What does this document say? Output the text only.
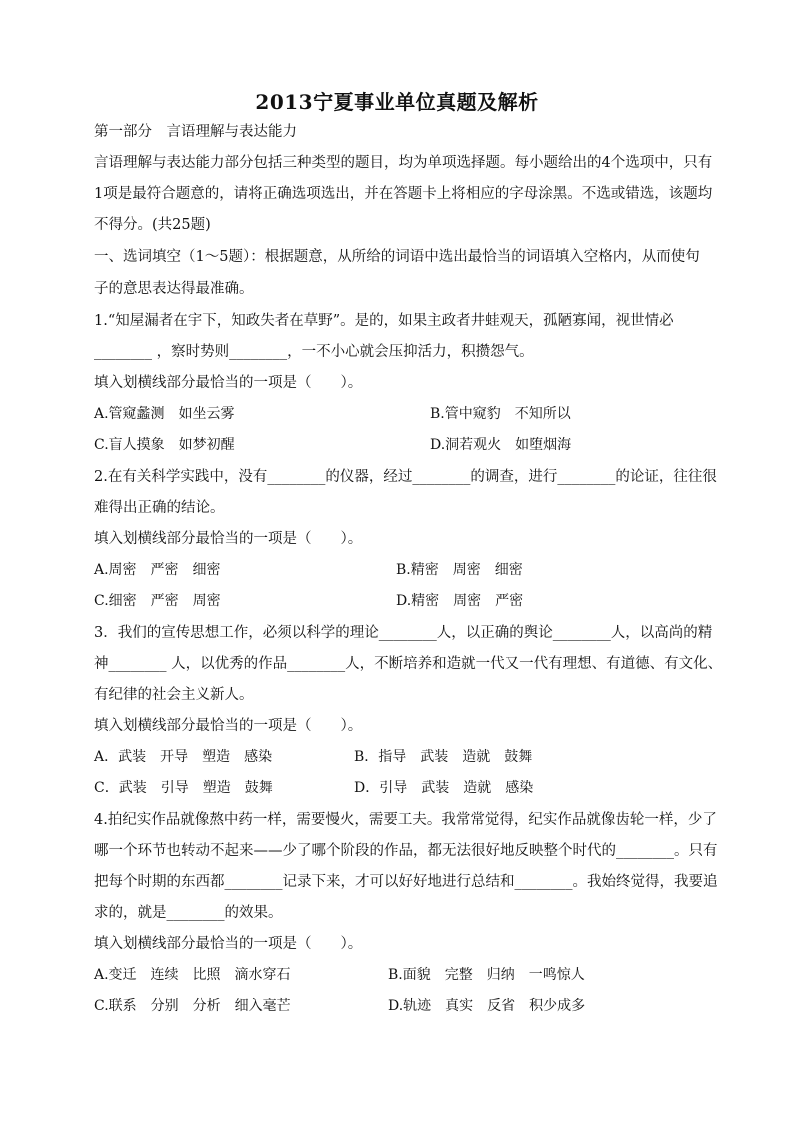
2013宁夏事业单位真题及解析
第一部分　言语理解与表达能力
言语理解与表达能力部分包括三种类型的题目，均为单项选择题。每小题给出的4个选项中，只有
1项是最符合题意的，请将正确选项选出，并在答题卡上将相应的字母涂黑。不选或错选，该题均
不得分。(共25题)
一、选词填空（1～5题）：根据题意，从所给的词语中选出最恰当的词语填入空格内，从而使句
子的意思表达得最准确。
1.“知屋漏者在宇下，知政失者在草野”。是的，如果主政者井蛙观天，孤陋寡闻，视世情必
________ ，察时势则________，一不小心就会压抑活力，积攒怨气。
填入划横线部分最恰当的一项是（　　）。
A.管窥蠡测　如坐云雾	B.管中窥豹　不知所以
C.盲人摸象　如梦初醒	D.洞若观火　如堕烟海
2.在有关科学实践中，没有________的仪器，经过________的调查，进行________的论证，往往很
难得出正确的结论。
填入划横线部分最恰当的一项是（　　）。
A.周密　严密　细密	B.精密　周密　细密
C.细密　严密　周密	D.精密　周密　严密
3．我们的宣传思想工作，必须以科学的理论________人，以正确的舆论________人，以高尚的精
神________ 人，以优秀的作品________人，不断培养和造就一代又一代有理想、有道德、有文化、
有纪律的社会主义新人。
填入划横线部分最恰当的一项是（　　）。
A．武装　开导　塑造　感染	B．指导　武装　造就　鼓舞
C．武装　引导　塑造　鼓舞	D．引导　武装　造就　感染
4.拍纪实作品就像熬中药一样，需要慢火，需要工夫。我常常觉得，纪实作品就像齿轮一样，少了
哪一个环节也转动不起来——少了哪个阶段的作品，都无法很好地反映整个时代的________。只有
把每个时期的东西都________记录下来，才可以好好地进行总结和________。我始终觉得，我要追
求的，就是________的效果。
填入划横线部分最恰当的一项是（　　）。
A.变迁　连续　比照　滴水穿石	B.面貌　完整　归纳　一鸣惊人
C.联系　分别　分析　细入毫芒	D.轨迹　真实　反省　积少成多
